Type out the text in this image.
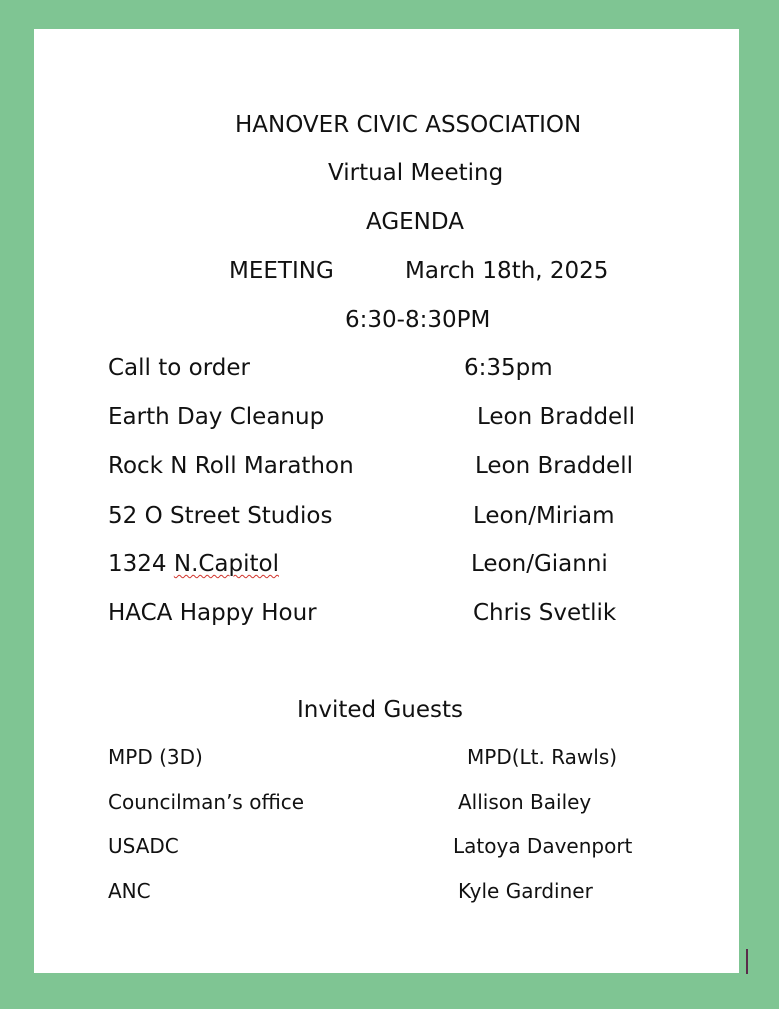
HANOVER CIVIC ASSOCIATION
Virtual Meeting
AGENDA
MEETING	March 18th, 2025
6:30-8:30PM
Call to order	6:35pm
Earth Day Cleanup	Leon Braddell
Rock N Roll Marathon	Leon Braddell
52 O Street Studios	Leon/Miriam
1324 N.Capitol	Leon/Gianni
HACA Happy Hour	Chris Svetlik
Invited Guests
MPD (3D)	MPD(Lt. Rawls)
Councilman’s office	Allison Bailey
USADC	Latoya Davenport
ANC	Kyle Gardiner
